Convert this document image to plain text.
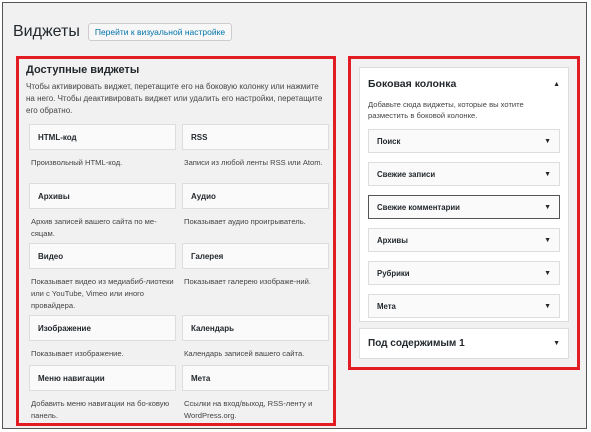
Виджеты	Перейти к визуальной настройке
Доступные виджеты
Чтобы активировать виджет, перетащите его на боковую колонку или нажмите на него. Чтобы деактивировать виджет или удалить его настройки, перетащите его обратно.
HTML-код
Произвольный HTML-код.
RSS
Записи из любой ленты RSS или Atom.
Архивы
Архив записей вашего сайта по ме-сяцам.
Аудио
Показывает аудио проигрыватель.
Видео
Показывает видео из медиабиб-лиотеки или с YouTube, Vimeo или иного провайдера.
Галерея
Показывает галерею изображе-ний.
Изображение
Показывает изображение.
Календарь
Календарь записей вашего сайта.
Меню навигации
Добавить меню навигации на бо-ковую панель.
Мета
Ссылки на вход/выход, RSS-ленту и WordPress.org.
Боковая колонка	▲
Добавьте сюда виджеты, которые вы хотите разместить в боковой колонке.
Поиск	▼
Свежие записи	▼
Свежие комментарии	▼
Архивы	▼
Рубрики	▼
Мета	▼
Под содержимым 1	▼
